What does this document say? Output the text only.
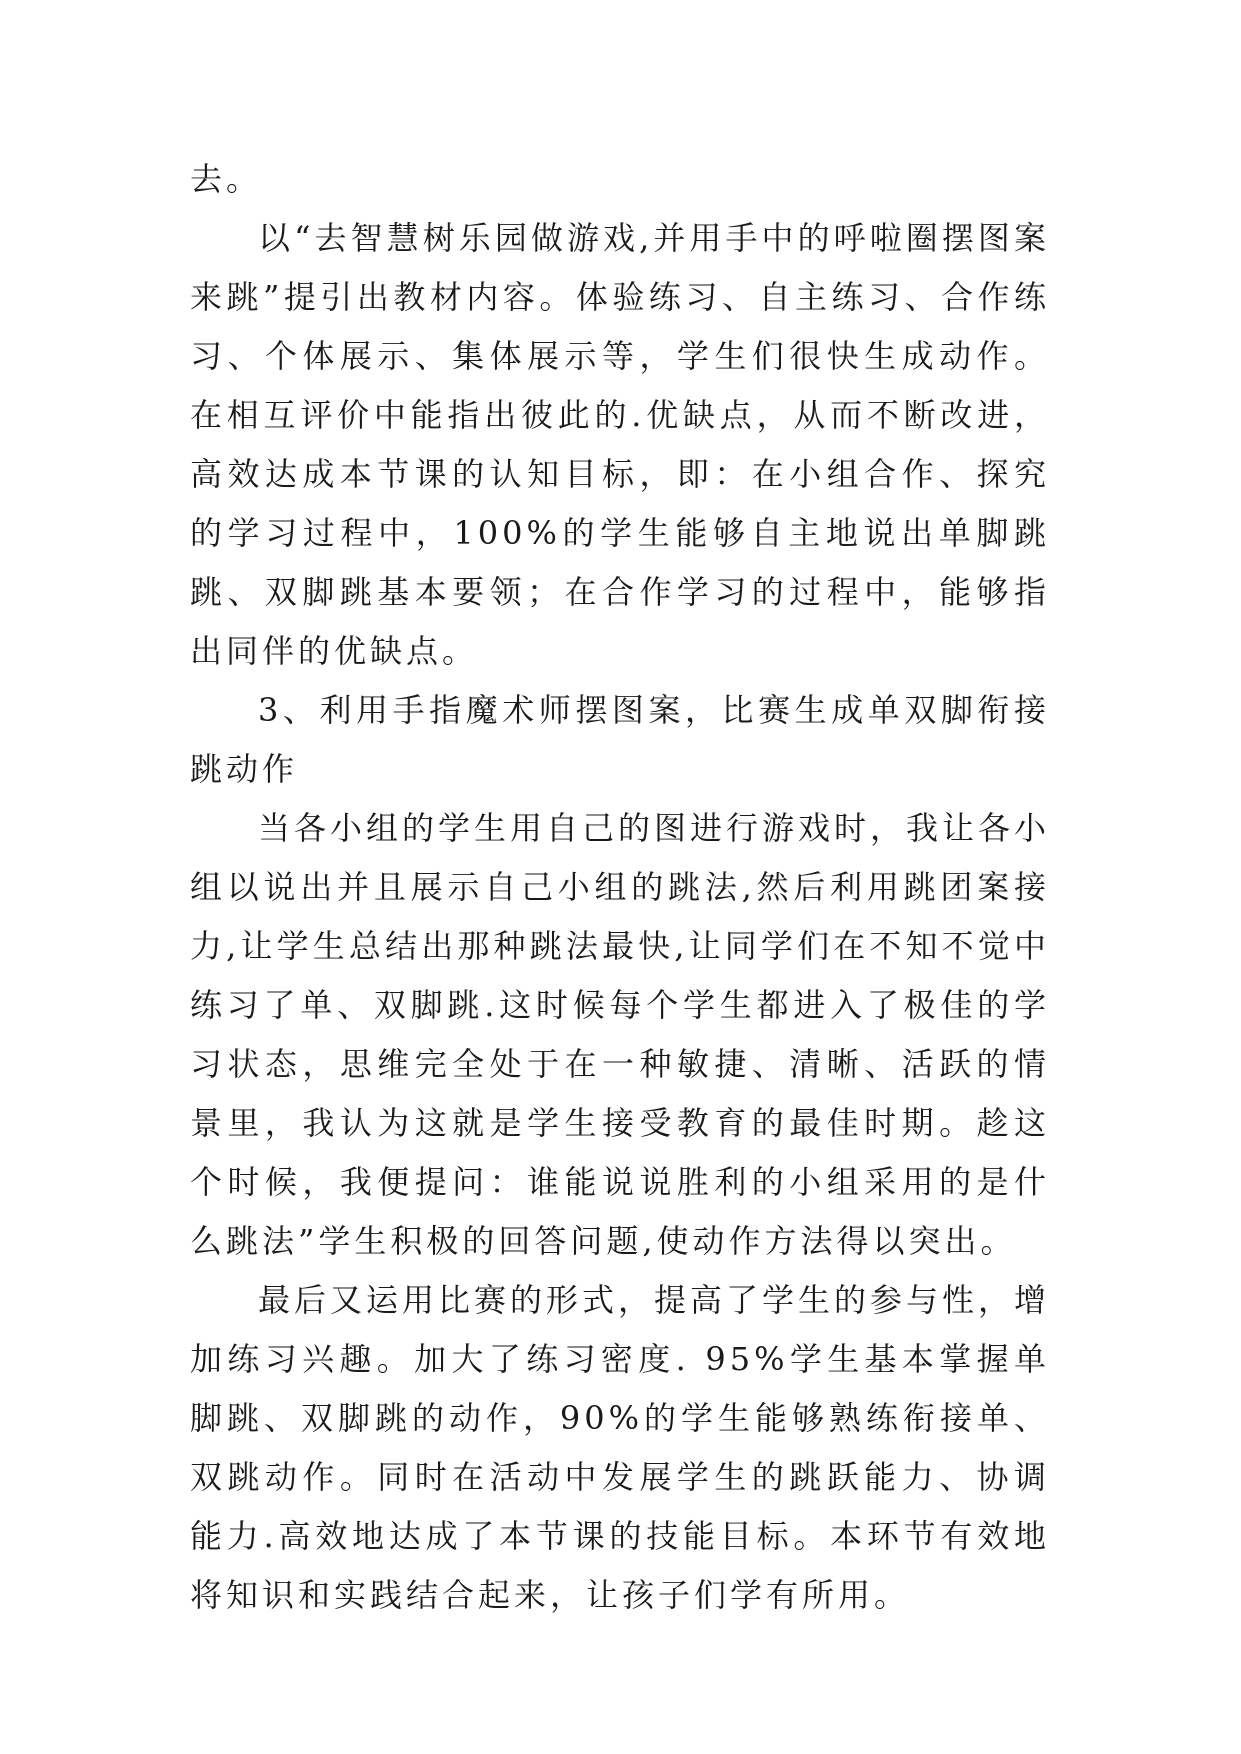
去。

以“去智慧树乐园做游戏,并用手中的呼啦圈摆图案来跳”提引出教材内容。体验练习、自主练习、合作练习、个体展示、集体展示等，学生们很快生成动作。在相互评价中能指出彼此的.优缺点，从而不断改进，高效达成本节课的认知目标，即：在小组合作、探究的学习过程中，100%的学生能够自主地说出单脚跳跳、双脚跳基本要领；在合作学习的过程中，能够指出同伴的优缺点。

3、利用手指魔术师摆图案，比赛生成单双脚衔接跳动作

当各小组的学生用自己的图进行游戏时，我让各小组以说出并且展示自己小组的跳法,然后利用跳团案接力,让学生总结出那种跳法最快,让同学们在不知不觉中练习了单、双脚跳.这时候每个学生都进入了极佳的学习状态，思维完全处于在一种敏捷、清晰、活跃的情景里，我认为这就是学生接受教育的最佳时期。趁这个时候，我便提问：谁能说说胜利的小组采用的是什么跳法”学生积极的回答问题,使动作方法得以突出。

最后又运用比赛的形式，提高了学生的参与性，增加练习兴趣。加大了练习密度. 95%学生基本掌握单脚跳、双脚跳的动作，90%的学生能够熟练衔接单、双跳动作。同时在活动中发展学生的跳跃能力、协调能力.高效地达成了本节课的技能目标。本环节有效地将知识和实践结合起来，让孩子们学有所用。
